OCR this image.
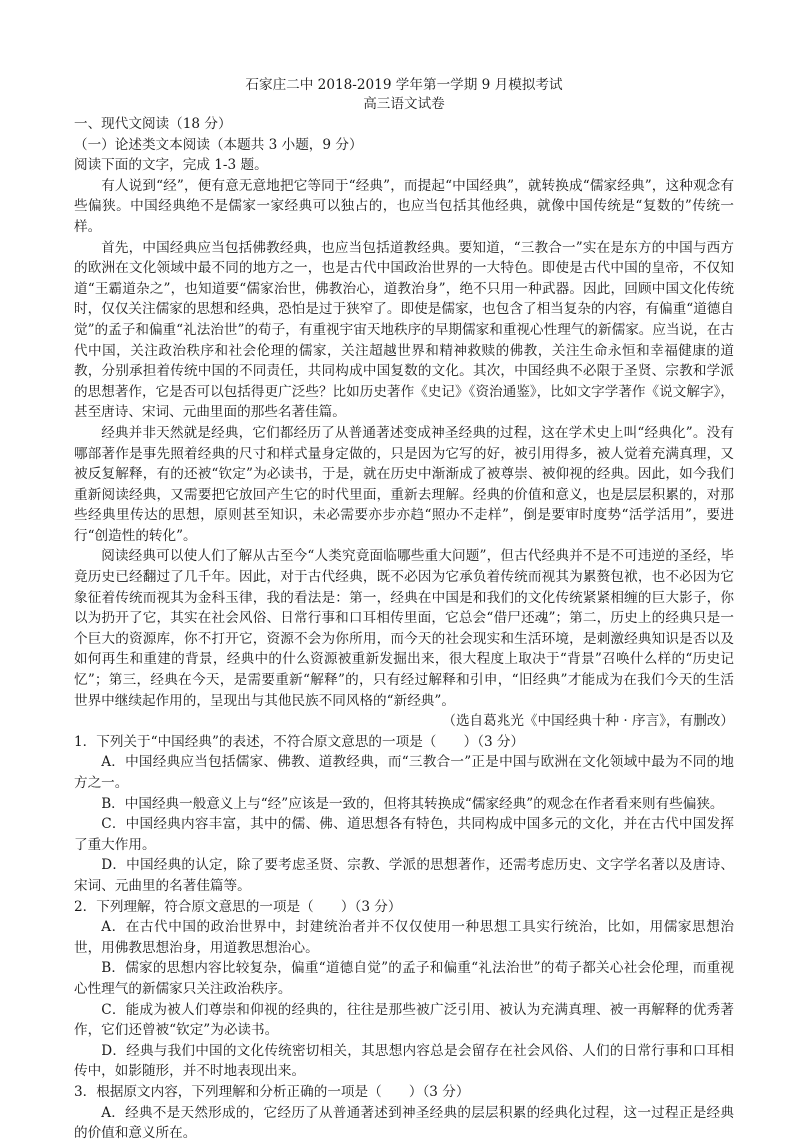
石家庄二中 2018-2019 学年第一学期 9 月模拟考试

高三语文试卷

一、现代文阅读（18 分）

（一）论述类文本阅读（本题共 3 小题，9 分）

阅读下面的文字，完成 1-3 题。

有人说到“经”，便有意无意地把它等同于“经典”，而提起“中国经典”，就转换成“儒家经典”，这种观念有些偏狭。中国经典绝不是儒家一家经典可以独占的，也应当包括其他经典，就像中国传统是“复数的”传统一样。

首先，中国经典应当包括佛教经典，也应当包括道教经典。要知道，“三教合一”实在是东方的中国与西方的欧洲在文化领域中最不同的地方之一，也是古代中国政治世界的一大特色。即使是古代中国的皇帝，不仅知道“王霸道杂之”，也知道要“儒家治世，佛教治心，道教治身”，绝不只用一种武器。因此，回顾中国文化传统时，仅仅关注儒家的思想和经典，恐怕是过于狭窄了。即使是儒家，也包含了相当复杂的内容，有偏重“道德自觉”的孟子和偏重“礼法治世”的荀子，有重视宇宙天地秩序的早期儒家和重视心性理气的新儒家。应当说，在古代中国，关注政治秩序和社会伦理的儒家，关注超越世界和精神救赎的佛教，关注生命永恒和幸福健康的道教，分别承担着传统中国的不同责任，共同构成中国复数的文化。其次，中国经典不必限于圣贤、宗教和学派的思想著作，它是否可以包括得更广泛些？比如历史著作《史记》《资治通鉴》，比如文字学著作《说文解字》，甚至唐诗、宋词、元曲里面的那些名著佳篇。

经典并非天然就是经典，它们都经历了从普通著述变成神圣经典的过程，这在学术史上叫“经典化”。没有哪部著作是事先照着经典的尺寸和样式量身定做的，只是因为它写的好，被引用得多，被人觉着充满真理，又被反复解释，有的还被“钦定”为必读书，于是，就在历史中渐渐成了被尊崇、被仰视的经典。因此，如今我们重新阅读经典，又需要把它放回产生它的时代里面，重新去理解。经典的价值和意义，也是层层积累的，对那些经典里传达的思想，原则甚至知识，未必需要亦步亦趋“照办不走样”，倒是要审时度势“活学活用”，要进行“创造性的转化”。

阅读经典可以使人们了解从古至今“人类究竟面临哪些重大问题”，但古代经典并不是不可违逆的圣经，毕竟历史已经翻过了几千年。因此，对于古代经典，既不必因为它承负着传统而视其为累赘包袱，也不必因为它象征着传统而视其为金科玉律，我的看法是：第一，经典在中国是和我们的文化传统紧紧相缠的巨大影子，你以为扔开了它，其实在社会风俗、日常行事和口耳相传里面，它总会“借尸还魂”；第二，历史上的经典只是一个巨大的资源库，你不打开它，资源不会为你所用，而今天的社会现实和生活环境，是刺激经典知识是否以及如何再生和重建的背景，经典中的什么资源被重新发掘出来，很大程度上取决于“背景”召唤什么样的“历史记忆”；第三，经典在今天，是需要重新“解释”的，只有经过解释和引申，“旧经典”才能成为在我们今天的生活世界中继续起作用的，呈现出与其他民族不同风格的“新经典”。

（选自葛兆光《中国经典十种 · 序言》，有删改）

1．下列关于“中国经典”的表述，不符合原文意思的一项是（　　）（3 分）

A．中国经典应当包括儒家、佛教、道教经典，而“三教合一”正是中国与欧洲在文化领域中最为不同的地方之一。

B．中国经典一般意义上与“经”应该是一致的，但将其转换成“儒家经典”的观念在作者看来则有些偏狭。

C．中国经典内容丰富，其中的儒、佛、道思想各有特色，共同构成中国多元的文化，并在古代中国发挥了重大作用。

D．中国经典的认定，除了要考虑圣贤、宗教、学派的思想著作，还需考虑历史、文字学名著以及唐诗、宋词、元曲里的名著佳篇等。

2．下列理解，符合原文意思的一项是（　　）（3 分）

A．在古代中国的政治世界中，封建统治者并不仅仅使用一种思想工具实行统治，比如，用儒家思想治世，用佛教思想治身，用道教思想治心。

B．儒家的思想内容比较复杂，偏重“道德自觉”的孟子和偏重“礼法治世”的荀子都关心社会伦理，而重视心性理气的新儒家只关注政治秩序。

C．能成为被人们尊崇和仰视的经典的，往往是那些被广泛引用、被认为充满真理、被一再解释的优秀著作，它们还曾被“钦定”为必读书。

D．经典与我们中国的文化传统密切相关，其思想内容总是会留存在社会风俗、人们的日常行事和口耳相传中，如影随形，并不时地表现出来。

3．根据原文内容，下列理解和分析正确的一项是（　　）（3 分）

A．经典不是天然形成的，它经历了从普通著述到神圣经典的层层积累的经典化过程，这一过程正是经典的价值和意义所在。
